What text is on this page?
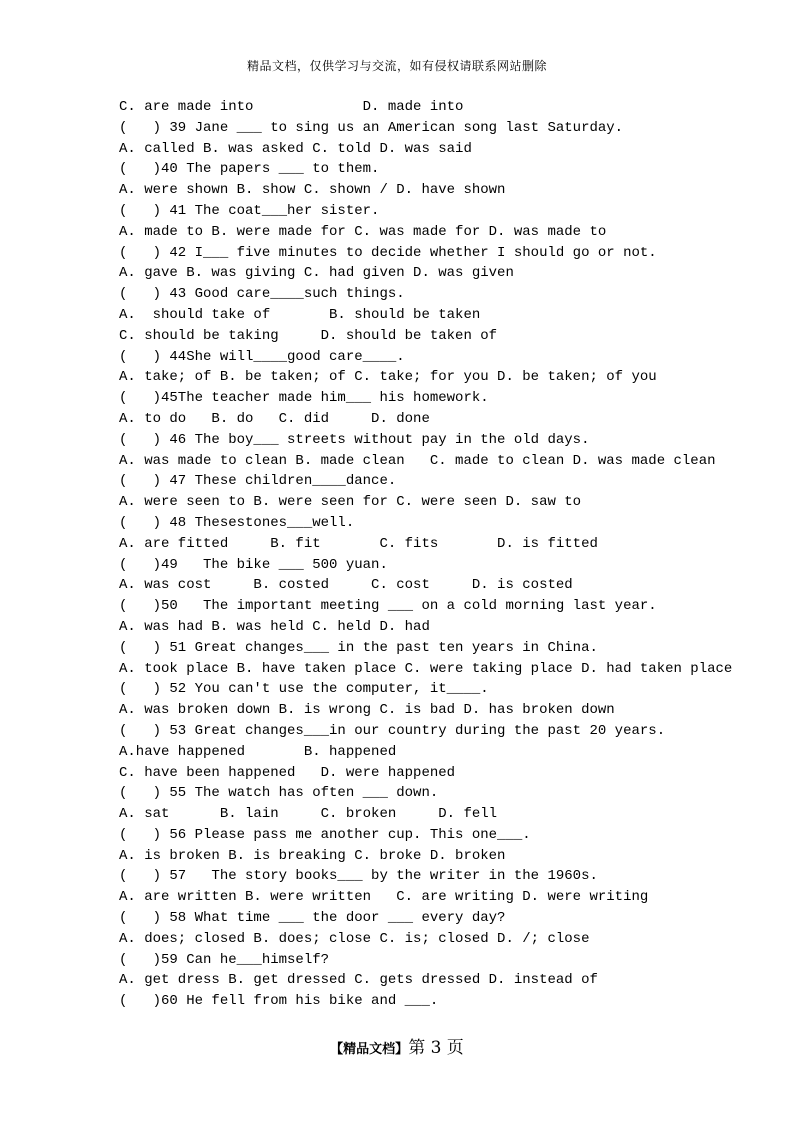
精品文档，仅供学习与交流，如有侵权请联系网站删除
C. are made into             D. made into
(   ) 39 Jane ___ to sing us an American song last Saturday.
A. called B. was asked C. told D. was said
(   )40 The papers ___ to them.
A. were shown B. show C. shown / D. have shown
(   ) 41 The coat___her sister.
A. made to B. were made for C. was made for D. was made to
(   ) 42 I___ five minutes to decide whether I should go or not.
A. gave B. was giving C. had given D. was given
(   ) 43 Good care____such things.
A.  should take of       B. should be taken
C. should be taking     D. should be taken of
(   ) 44She will____good care____.
A. take; of B. be taken; of C. take; for you D. be taken; of you
(   )45The teacher made him___ his homework.
A. to do   B. do   C. did     D. done
(   ) 46 The boy___ streets without pay in the old days.
A. was made to clean B. made clean   C. made to clean D. was made clean
(   ) 47 These children____dance.
A. were seen to B. were seen for C. were seen D. saw to
(   ) 48 Thesestones___well.
A. are fitted     B. fit       C. fits       D. is fitted
(   )49   The bike ___ 500 yuan.
A. was cost     B. costed     C. cost     D. is costed
(   )50   The important meeting ___ on a cold morning last year.
A. was had B. was held C. held D. had
(   ) 51 Great changes___ in the past ten years in China.
A. took place B. have taken place C. were taking place D. had taken place
(   ) 52 You can't use the computer, it____.
A. was broken down B. is wrong C. is bad D. has broken down
(   ) 53 Great changes___in our country during the past 20 years.
A.have happened       B. happened
C. have been happened   D. were happened
(   ) 55 The watch has often ___ down.
A. sat      B. lain     C. broken     D. fell
(   ) 56 Please pass me another cup. This one___.
A. is broken B. is breaking C. broke D. broken
(   ) 57   The story books___ by the writer in the 1960s.
A. are written B. were written   C. are writing D. were writing
(   ) 58 What time ___ the door ___ every day?
A. does; closed B. does; close C. is; closed D. /; close
(   )59 Can he___himself?
A. get dress B. get dressed C. gets dressed D. instead of
(   )60 He fell from his bike and ___.
【精品文档】第 3 页
